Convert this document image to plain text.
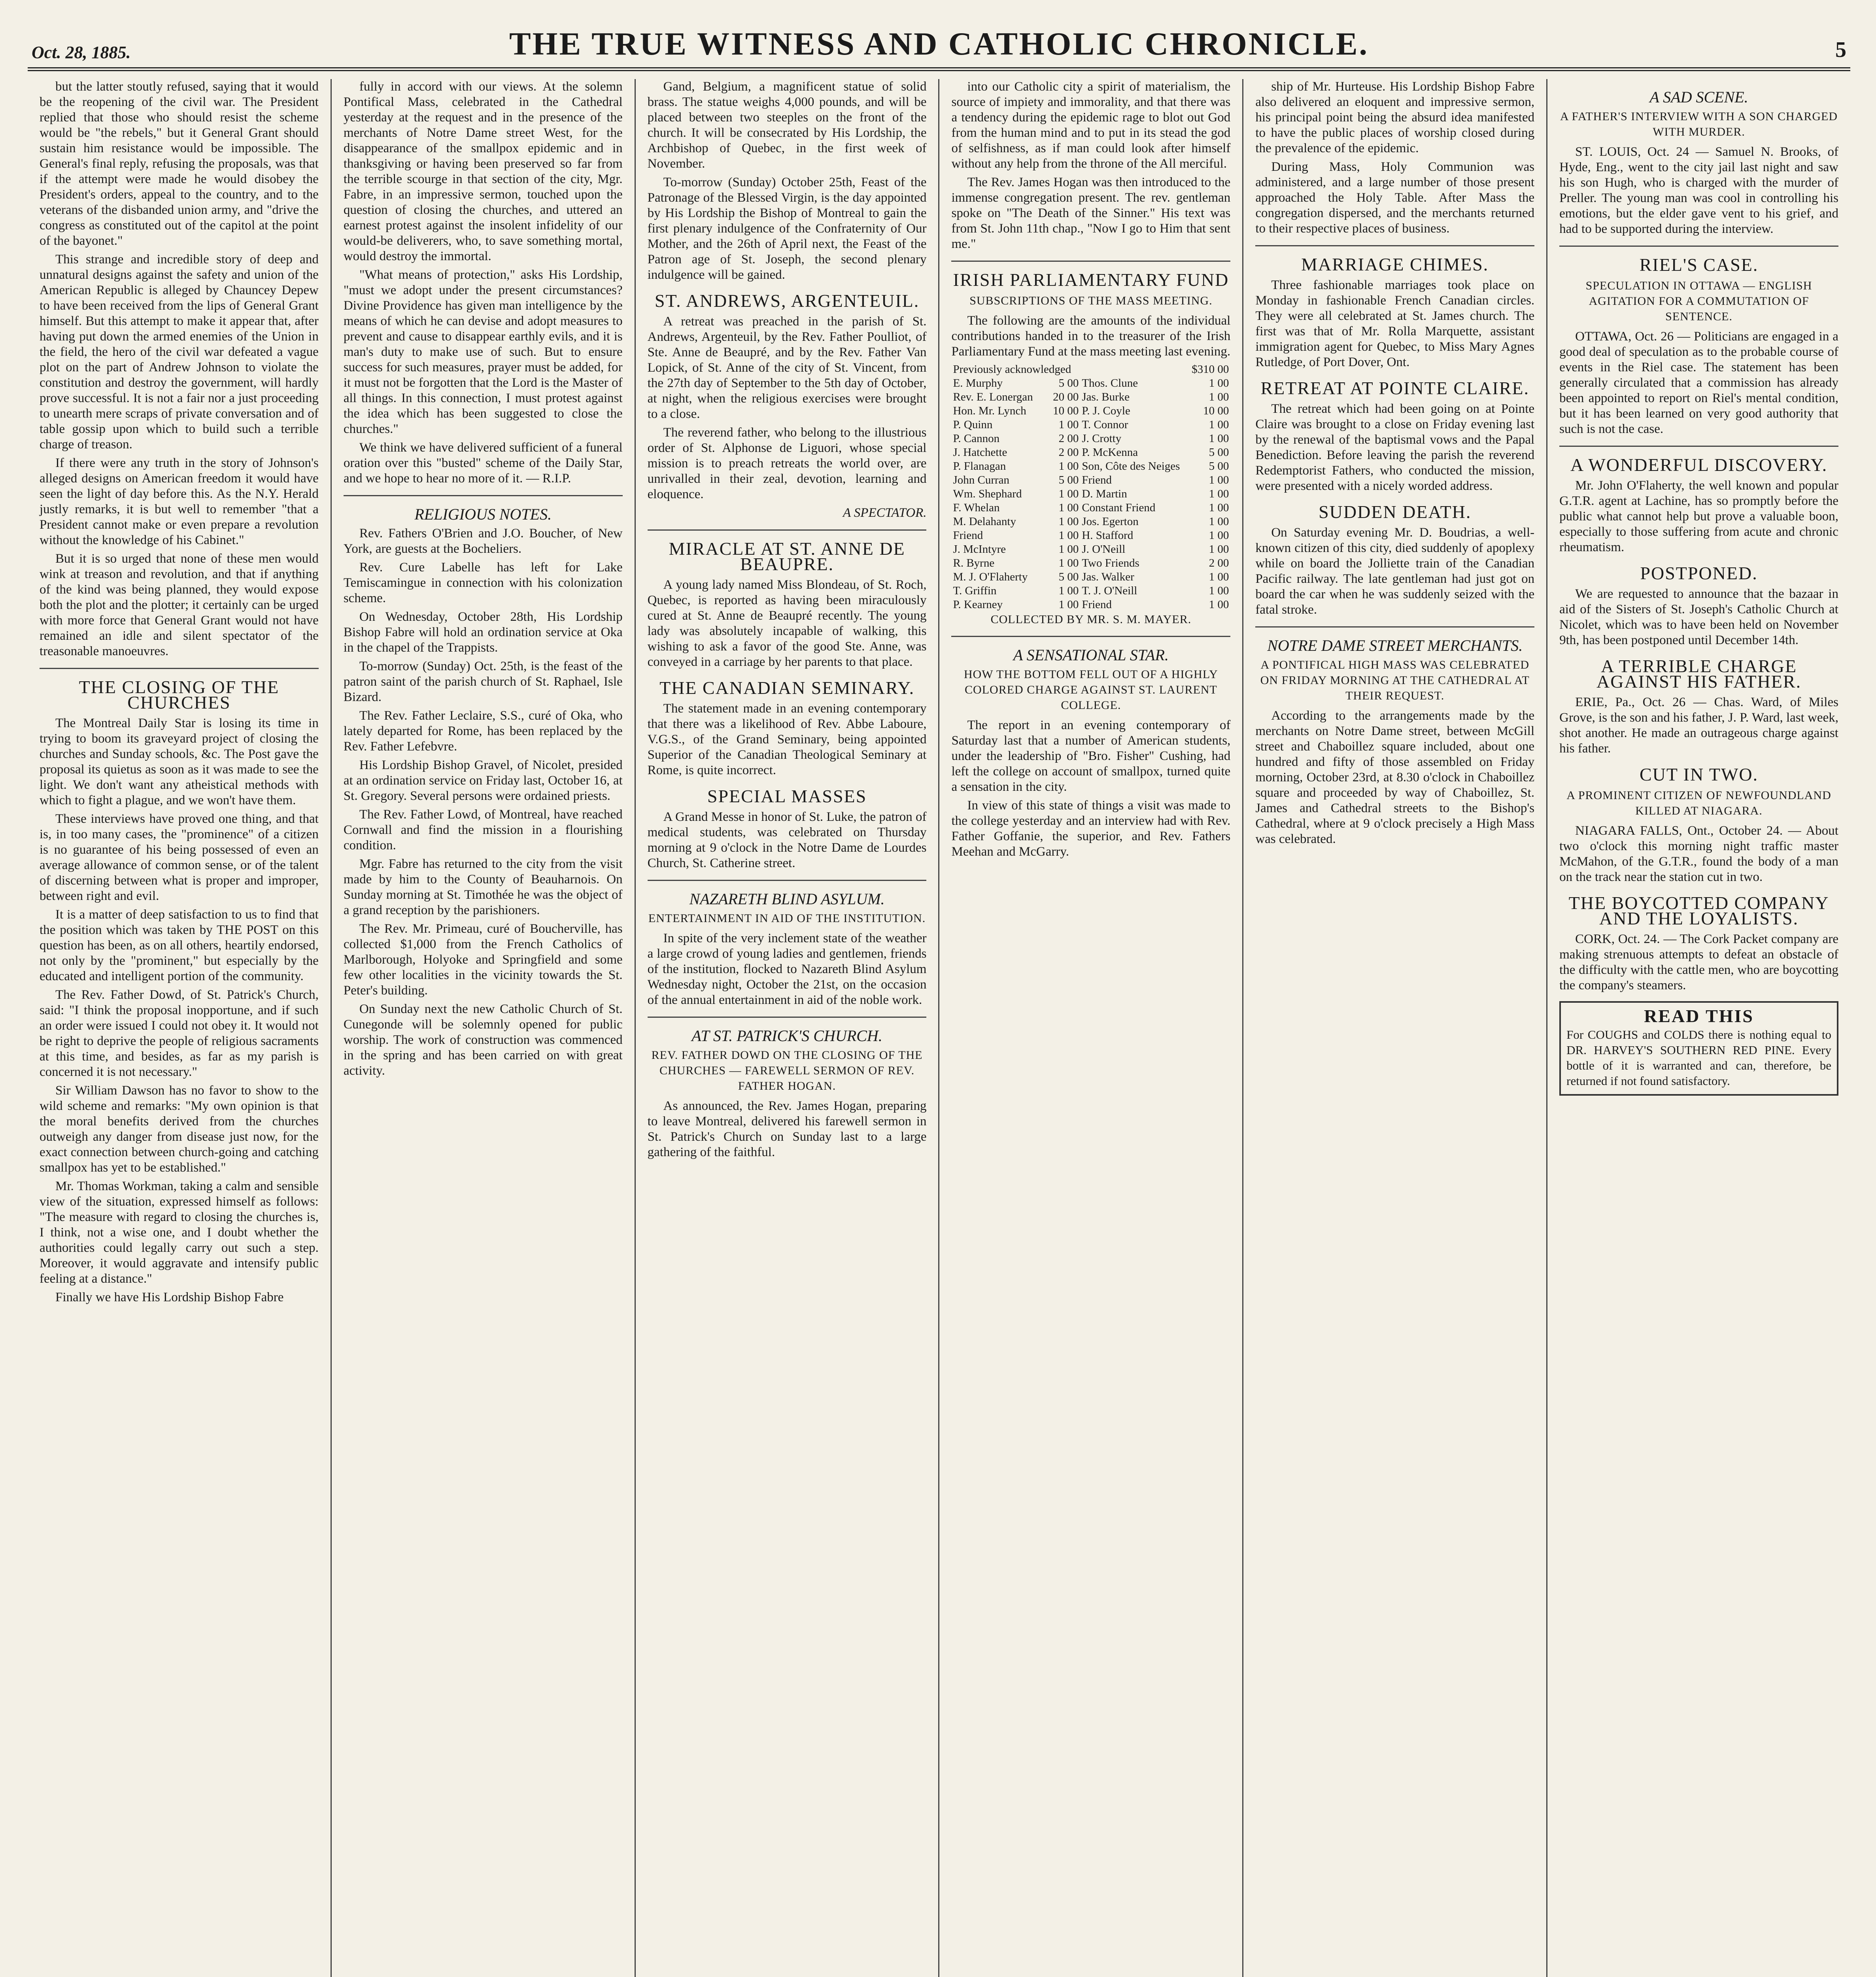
Oct. 28, 1885.	THE TRUE WITNESS AND CATHOLIC CHRONICLE.	5

but the latter stoutly refused, saying that it would be the reopening of the civil war. The President replied that those who should resist the scheme would be "the rebels," but it General Grant should sustain him resistance would be impossible. The General's final reply, refusing the proposals, was that if the attempt were made he would disobey the President's orders, appeal to the country, and to the veterans of the disbanded union army, and "drive the congress as constituted out of the capitol at the point of the bayonet."

This strange and incredible story of deep and unnatural designs against the safety and union of the American Republic is alleged by Chauncey Depew to have been received from the lips of General Grant himself. But this attempt to make it appear that, after having put down the armed enemies of the Union in the field, the hero of the civil war defeated a vague plot on the part of Andrew Johnson to violate the constitution and destroy the government, will hardly prove successful. It is not a fair nor a just proceeding to unearth mere scraps of private conversation and of table gossip upon which to build such a terrible charge of treason.

If there were any truth in the story of Johnson's alleged designs on American freedom it would have seen the light of day before this. As the N.Y. Herald justly remarks, it is but well to remember "that a President cannot make or even prepare a revolution without the knowledge of his Cabinet."

But it is so urged that none of these men would wink at treason and revolution, and that if anything of the kind was being planned, they would expose both the plot and the plotter; it certainly can be urged with more force that General Grant would not have remained an idle and silent spectator of the treasonable manoeuvres.

THE CLOSING OF THE CHURCHES

The Montreal Daily Star is losing its time in trying to boom its graveyard project of closing the churches and Sunday schools, &c. The Post gave the proposal its quietus as soon as it was made to see the light. We don't want any atheistical methods with which to fight a plague, and we won't have them.

These interviews have proved one thing, and that is, in too many cases, the "prominence" of a citizen is no guarantee of his being possessed of even an average allowance of common sense, or of the talent of discerning between what is proper and improper, between right and evil.

It is a matter of deep satisfaction to us to find that the position which was taken by THE POST on this question has been, as on all others, heartily endorsed, not only by the "prominent," but especially by the educated and intelligent portion of the community.

The Rev. Father Dowd, of St. Patrick's Church, said: "I think the proposal inopportune, and if such an order were issued I could not obey it. It would not be right to deprive the people of religious sacraments at this time, and besides, as far as my parish is concerned it is not necessary."

Sir William Dawson has no favor to show to the wild scheme and remarks: "My own opinion is that the moral benefits derived from the churches outweigh any danger from disease just now, for the exact connection between church-going and catching smallpox has yet to be established."

Mr. Thomas Workman, taking a calm and sensible view of the situation, expressed himself as follows: "The measure with regard to closing the churches is, I think, not a wise one, and I doubt whether the authorities could legally carry out such a step. Moreover, it would aggravate and intensify public feeling at a distance."

Finally we have His Lordship Bishop Fabre

fully in accord with our views. At the solemn Pontifical Mass, celebrated in the Cathedral yesterday at the request and in the presence of the merchants of Notre Dame street West, for the disappearance of the smallpox epidemic and in thanksgiving or having been preserved so far from the terrible scourge in that section of the city, Mgr. Fabre, in an impressive sermon, touched upon the question of closing the churches, and uttered an earnest protest against the insolent infidelity of our would-be deliverers, who, to save something mortal, would destroy the immortal.

"What means of protection," asks His Lordship, "must we adopt under the present circumstances? Divine Providence has given man intelligence by the means of which he can devise and adopt measures to prevent and cause to disappear earthly evils, and it is man's duty to make use of such. But to ensure success for such measures, prayer must be added, for it must not be forgotten that the Lord is the Master of all things. In this connection, I must protest against the idea which has been suggested to close the churches."

We think we have delivered sufficient of a funeral oration over this "busted" scheme of the Daily Star, and we hope to hear no more of it. — R.I.P.

RELIGIOUS NOTES.

Rev. Fathers O'Brien and J.O. Boucher, of New York, are guests at the Bocheliers.

Rev. Cure Labelle has left for Lake Temiscamingue in connection with his colonization scheme.

On Wednesday, October 28th, His Lordship Bishop Fabre will hold an ordination service at Oka in the chapel of the Trappists.

To-morrow (Sunday) Oct. 25th, is the feast of the patron saint of the parish church of St. Raphael, Isle Bizard.

The Rev. Father Leclaire, S.S., curé of Oka, who lately departed for Rome, has been replaced by the Rev. Father Lefebvre.

His Lordship Bishop Gravel, of Nicolet, presided at an ordination service on Friday last, October 16, at St. Gregory. Several persons were ordained priests.

The Rev. Father Lowd, of Montreal, have reached Cornwall and find the mission in a flourishing condition.

Mgr. Fabre has returned to the city from the visit made by him to the County of Beauharnois. On Sunday morning at St. Timothée he was the object of a grand reception by the parishioners.

The Rev. Mr. Primeau, curé of Boucherville, has collected $1,000 from the French Catholics of Marlborough, Holyoke and Springfield and some few other localities in the vicinity towards the St. Peter's building.

On Sunday next the new Catholic Church of St. Cunegonde will be solemnly opened for public worship. The work of construction was commenced in the spring and has been carried on with great activity.

Gand, Belgium, a magnificent statue of solid brass. The statue weighs 4,000 pounds, and will be placed between two steeples on the front of the church. It will be consecrated by His Lordship, the Archbishop of Quebec, in the first week of November.

To-morrow (Sunday) October 25th, Feast of the Patronage of the Blessed Virgin, is the day appointed by His Lordship the Bishop of Montreal to gain the first plenary indulgence of the Confraternity of Our Mother, and the 26th of April next, the Feast of the Patron age of St. Joseph, the second plenary indulgence will be gained.

ST. ANDREWS, ARGENTEUIL.

A retreat was preached in the parish of St. Andrews, Argenteuil, by the Rev. Father Poulliot, of Ste. Anne de Beaupré, and by the Rev. Father Van Lopick, of St. Anne of the city of St. Vincent, from the 27th day of September to the 5th day of October, at night, when the religious exercises were brought to a close.

The reverend father, who belong to the illustrious order of St. Alphonse de Liguori, whose special mission is to preach retreats the world over, are unrivalled in their zeal, devotion, learning and eloquence.

A SPECTATOR.
MIRACLE AT ST. ANNE DE BEAUPRE.

A young lady named Miss Blondeau, of St. Roch, Quebec, is reported as having been miraculously cured at St. Anne de Beaupré recently. The young lady was absolutely incapable of walking, this wishing to ask a favor of the good Ste. Anne, was conveyed in a carriage by her parents to that place.

THE CANADIAN SEMINARY.

The statement made in an evening contemporary that there was a likelihood of Rev. Abbe Laboure, V.G.S., of the Grand Seminary, being appointed Superior of the Canadian Theological Seminary at Rome, is quite incorrect.

SPECIAL MASSES

A Grand Messe in honor of St. Luke, the patron of medical students, was celebrated on Thursday morning at 9 o'clock in the Notre Dame de Lourdes Church, St. Catherine street.

NAZARETH BLIND ASYLUM.
ENTERTAINMENT IN AID OF THE INSTITUTION.

In spite of the very inclement state of the weather a large crowd of young ladies and gentlemen, friends of the institution, flocked to Nazareth Blind Asylum Wednesday night, October the 21st, on the occasion of the annual entertainment in aid of the noble work.

AT ST. PATRICK'S CHURCH.
REV. FATHER DOWD ON THE CLOSING OF THE CHURCHES — FAREWELL SERMON OF REV. FATHER HOGAN.

As announced, the Rev. James Hogan, preparing to leave Montreal, delivered his farewell sermon in St. Patrick's Church on Sunday last to a large gathering of the faithful.

into our Catholic city a spirit of materialism, the source of impiety and immorality, and that there was a tendency during the epidemic rage to blot out God from the human mind and to put in its stead the god of selfishness, as if man could look after himself without any help from the throne of the All merciful.

The Rev. James Hogan was then introduced to the immense congregation present. The rev. gentleman spoke on "The Death of the Sinner." His text was from St. John 11th chap., "Now I go to Him that sent me."

IRISH PARLIAMENTARY FUND
SUBSCRIPTIONS OF THE MASS MEETING.

The following are the amounts of the individual contributions handed in to the treasurer of the Irish Parliamentary Fund at the mass meeting last evening.

Previously acknowledged			$310 00
E. Murphy	5 00	Thos. Clune	1 00
Rev. E. Lonergan	20 00	Jas. Burke	1 00
Hon. Mr. Lynch	10 00	P. J. Coyle	10 00
P. Quinn	1 00	T. Connor	1 00
P. Cannon	2 00	J. Crotty	1 00
J. Hatchette	2 00	P. McKenna	5 00
P. Flanagan	1 00	Son, Côte des Neiges	5 00
John Curran	5 00	Friend	1 00
Wm. Shephard	1 00	D. Martin	1 00
F. Whelan	1 00	Constant Friend	1 00
M. Delahanty	1 00	Jos. Egerton	1 00
Friend	1 00	H. Stafford	1 00
J. McIntyre	1 00	J. O'Neill	1 00
R. Byrne	1 00	Two Friends	2 00
M. J. O'Flaherty	5 00	Jas. Walker	1 00
T. Griffin	1 00	T. J. O'Neill	1 00
P. Kearney	1 00	Friend	1 00
COLLECTED BY MR. S. M. MAYER.
A SENSATIONAL STAR.
HOW THE BOTTOM FELL OUT OF A HIGHLY COLORED CHARGE AGAINST ST. LAURENT COLLEGE.

The report in an evening contemporary of Saturday last that a number of American students, under the leadership of "Bro. Fisher" Cushing, had left the college on account of smallpox, turned quite a sensation in the city.

In view of this state of things a visit was made to the college yesterday and an interview had with Rev. Father Goffanie, the superior, and Rev. Fathers Meehan and McGarry.

ship of Mr. Hurteuse. His Lordship Bishop Fabre also delivered an eloquent and impressive sermon, his principal point being the absurd idea manifested to have the public places of worship closed during the prevalence of the epidemic.

During Mass, Holy Communion was administered, and a large number of those present approached the Holy Table. After Mass the congregation dispersed, and the merchants returned to their respective places of business.

MARRIAGE CHIMES.

Three fashionable marriages took place on Monday in fashionable French Canadian circles. They were all celebrated at St. James church. The first was that of Mr. Rolla Marquette, assistant immigration agent for Quebec, to Miss Mary Agnes Rutledge, of Port Dover, Ont.

RETREAT AT POINTE CLAIRE.

The retreat which had been going on at Pointe Claire was brought to a close on Friday evening last by the renewal of the baptismal vows and the Papal Benediction. Before leaving the parish the reverend Redemptorist Fathers, who conducted the mission, were presented with a nicely worded address.

SUDDEN DEATH.

On Saturday evening Mr. D. Boudrias, a well-known citizen of this city, died suddenly of apoplexy while on board the Jolliette train of the Canadian Pacific railway. The late gentleman had just got on board the car when he was suddenly seized with the fatal stroke.

NOTRE DAME STREET MERCHANTS.
A PONTIFICAL HIGH MASS WAS CELEBRATED ON FRIDAY MORNING AT THE CATHEDRAL AT THEIR REQUEST.

According to the arrangements made by the merchants on Notre Dame street, between McGill street and Chaboillez square included, about one hundred and fifty of those assembled on Friday morning, October 23rd, at 8.30 o'clock in Chaboillez square and proceeded by way of Chaboillez, St. James and Cathedral streets to the Bishop's Cathedral, where at 9 o'clock precisely a High Mass was celebrated.

A SAD SCENE.
A FATHER'S INTERVIEW WITH A SON CHARGED WITH MURDER.

ST. LOUIS, Oct. 24 — Samuel N. Brooks, of Hyde, Eng., went to the city jail last night and saw his son Hugh, who is charged with the murder of Preller. The young man was cool in controlling his emotions, but the elder gave vent to his grief, and had to be supported during the interview.

RIEL'S CASE.
SPECULATION IN OTTAWA — ENGLISH AGITATION FOR A COMMUTATION OF SENTENCE.

OTTAWA, Oct. 26 — Politicians are engaged in a good deal of speculation as to the probable course of events in the Riel case. The statement has been generally circulated that a commission has already been appointed to report on Riel's mental condition, but it has been learned on very good authority that such is not the case.

A WONDERFUL DISCOVERY.

Mr. John O'Flaherty, the well known and popular G.T.R. agent at Lachine, has so promptly before the public what cannot help but prove a valuable boon, especially to those suffering from acute and chronic rheumatism.

POSTPONED.

We are requested to announce that the bazaar in aid of the Sisters of St. Joseph's Catholic Church at Nicolet, which was to have been held on November 9th, has been postponed until December 14th.

A TERRIBLE CHARGE AGAINST HIS FATHER.

ERIE, Pa., Oct. 26 — Chas. Ward, of Miles Grove, is the son and his father, J. P. Ward, last week, shot another. He made an outrageous charge against his father.

CUT IN TWO.
A PROMINENT CITIZEN OF NEWFOUNDLAND KILLED AT NIAGARA.

NIAGARA FALLS, Ont., October 24. — About two o'clock this morning night traffic master McMahon, of the G.T.R., found the body of a man on the track near the station cut in two.

THE BOYCOTTED COMPANY AND THE LOYALISTS.

CORK, Oct. 24. — The Cork Packet company are making strenuous attempts to defeat an obstacle of the difficulty with the cattle men, who are boycotting the company's steamers.

READ THIS
For COUGHS and COLDS there is nothing equal to DR. HARVEY'S SOUTHERN RED PINE. Every bottle of it is warranted and can, therefore, be returned if not found satisfactory.
